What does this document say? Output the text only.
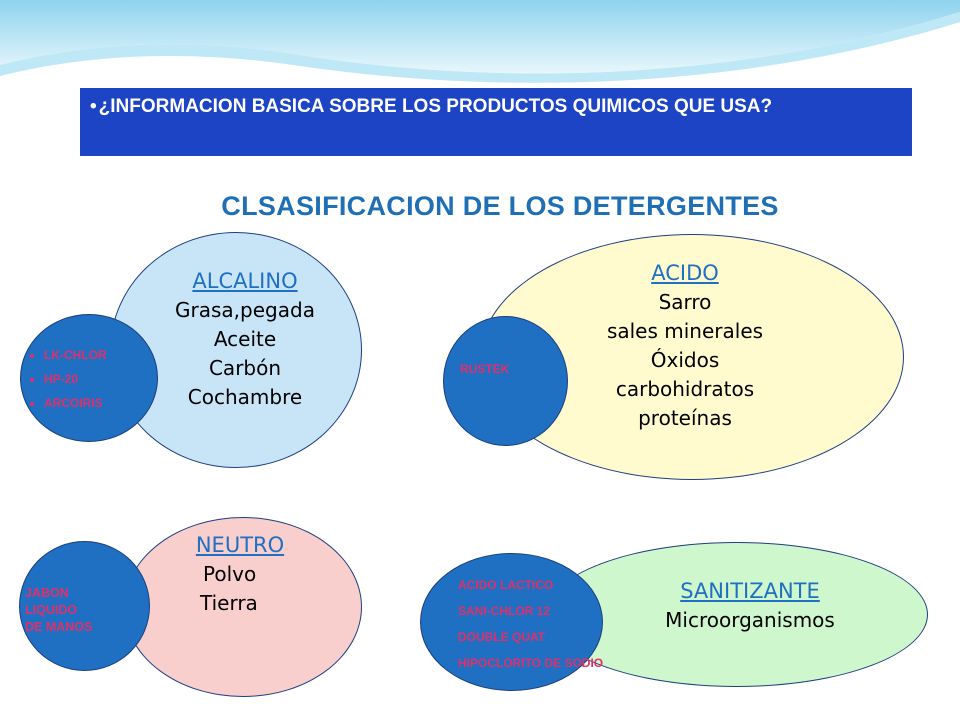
• ¿INFORMACION BASICA SOBRE LOS PRODUCTOS QUIMICOS QUE USA?
CLSASIFICACION DE LOS DETERGENTES
ALCALINO
Grasa,pegada
Aceite
Carbón
Cochambre
• LK-CHLOR
• HP-20
• ARCOIRIS
ACIDO
Sarro
sales minerales
Óxidos
carbohidratos
proteínas
RUSTEK
NEUTRO
Polvo
Tierra
JABON
LIQUIDO
DE MANOS
SANITIZANTE
Microorganismos
ACIDO LACTICO
SANI-CHLOR 12
DOUBLE QUAT
HIPOCLORITO DE SODIO
